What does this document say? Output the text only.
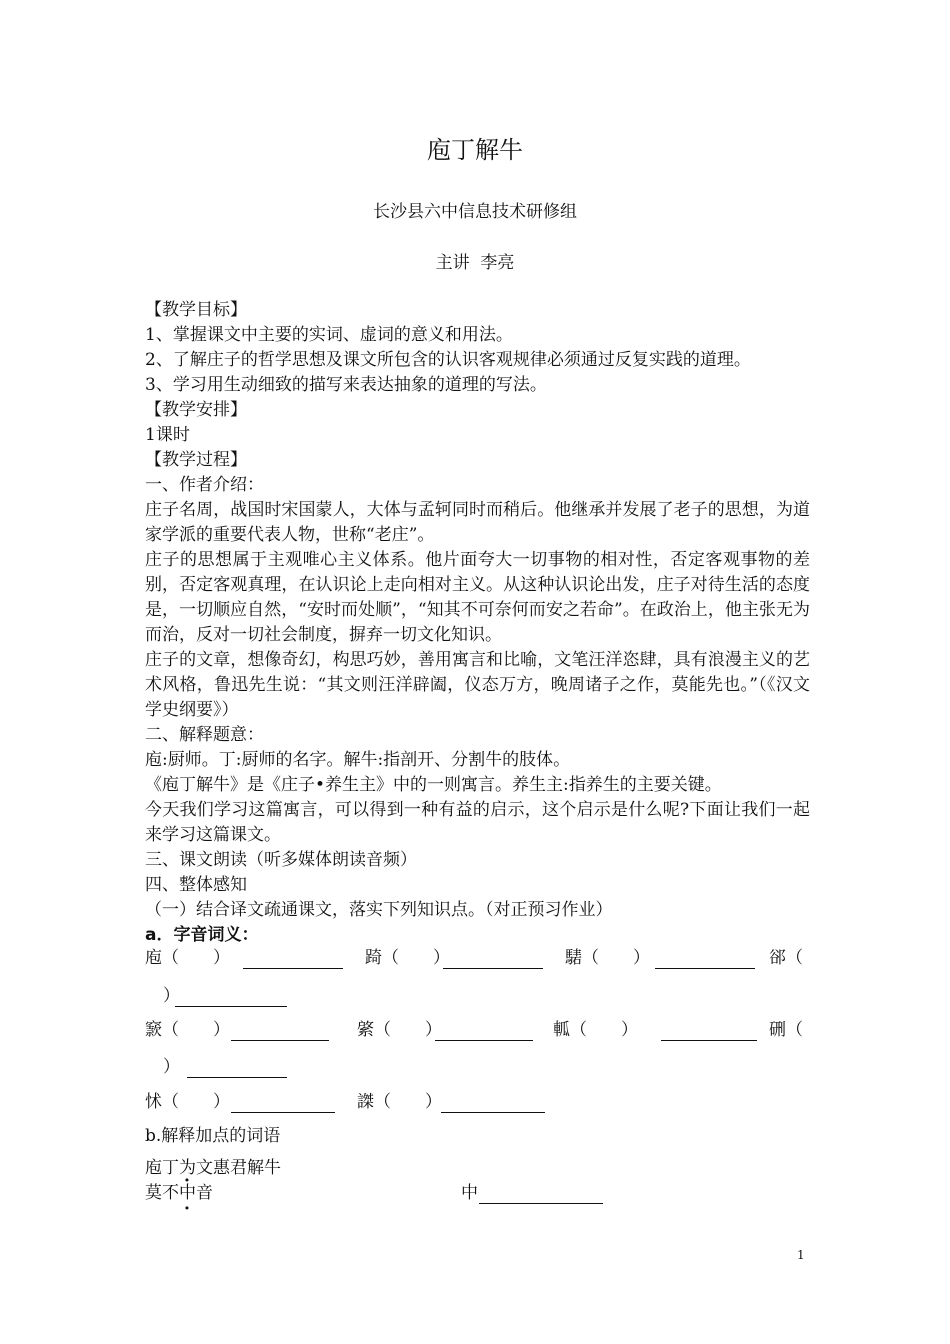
庖丁解牛
长沙县六中信息技术研修组
主讲  李亮

【教学目标】

1、掌握课文中主要的实词、虚词的意义和用法。

2、了解庄子的哲学思想及课文所包含的认识客观规律必须通过反复实践的道理。

3、学习用生动细致的描写来表达抽象的道理的写法。

【教学安排】

1课时

【教学过程】

一、作者介绍：

庄子名周，战国时宋国蒙人，大体与孟轲同时而稍后。他继承并发展了老子的思想，为道家学派的重要代表人物，世称“老庄”。

庄子的思想属于主观唯心主义体系。他片面夸大一切事物的相对性，否定客观事物的差别，否定客观真理，在认识论上走向相对主义。从这种认识论出发，庄子对待生活的态度是，一切顺应自然，“安时而处顺”，“知其不可奈何而安之若命”。在政治上，他主张无为而治，反对一切社会制度，摒弃一切文化知识。

庄子的文章，想像奇幻，构思巧妙，善用寓言和比喻，文笔汪洋恣肆，具有浪漫主义的艺术风格，鲁迅先生说：“其文则汪洋辟阖，仪态万方，晚周诸子之作，莫能先也。”（《汉文学史纲要》）

二、解释题意：

庖:厨师。丁:厨师的名字。解牛:指剖开、分割牛的肢体。

《庖丁解牛》是《庄子•养生主》中的一则寓言。养生主:指养生的主要关键。

今天我们学习这篇寓言，可以得到一种有益的启示，这个启示是什么呢?下面让我们一起来学习这篇课文。

三、课文朗读（听多媒体朗读音频）

四、整体感知

（一）结合译文疏通课文，落实下列知识点。（对正预习作业）

a．字音词义：

庖（　　）	踦（　　）	騞（　　）	郤（
）
窾（　　）	綮（　　）	軱（　　）	硎（
）
怵（　　）	謋（　　）
b.解释加点的词语
庖丁为文惠君解牛
莫不中音	中
1
